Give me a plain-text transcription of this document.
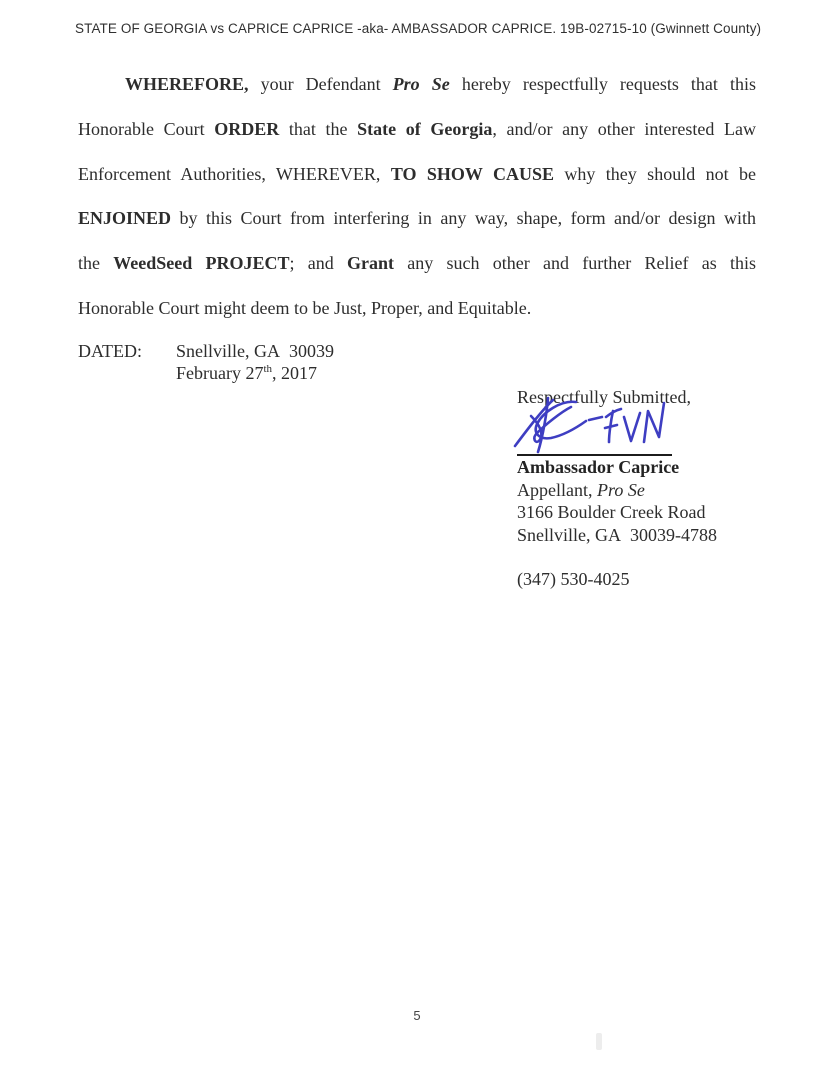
STATE OF GEORGIA vs CAPRICE CAPRICE -aka- AMBASSADOR CAPRICE. 19B-02715-10 (Gwinnett County)
WHEREFORE, your Defendant Pro Se hereby respectfully requests that this
Honorable Court ORDER that the State of Georgia, and/or any other interested Law
Enforcement Authorities, WHEREVER, TO SHOW CAUSE why they should not be
ENJOINED by this Court from interfering in any way, shape, form and/or design with
the WeedSeed PROJECT; and Grant any such other and further Relief as this
Honorable Court might deem to be Just, Proper, and Equitable.
DATED:	Snellville, GA  30039
February 27th, 2017
Respectfully Submitted,
Ambassador Caprice
Appellant, Pro Se
3166 Boulder Creek Road
Snellville, GA  30039-4788
(347) 530-4025
5
